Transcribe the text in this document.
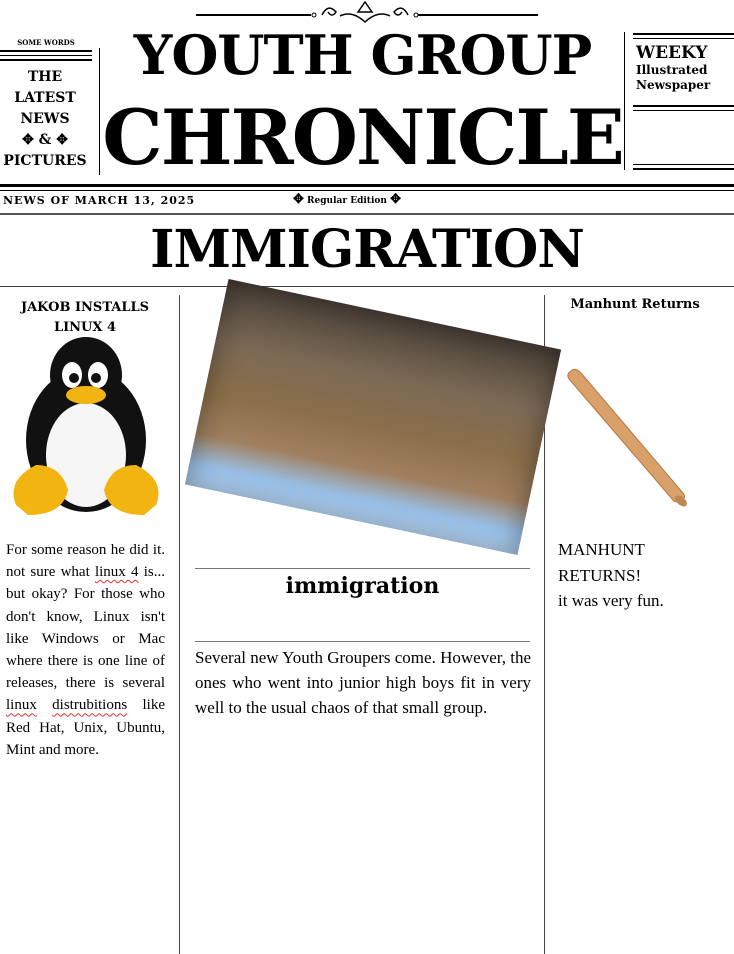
SOME WORDS
THE
LATEST
NEWS
✥ & ✥
PICTURES
YOUTH GROUP
CHRONICLE
WEEKY
Illustrated
Newspaper
NEWS OF MARCH 13, 2025	✥ Regular Edition ✥
IMMIGRATION
JAKOB INSTALLS
LINUX 4
For some reason he did it. not sure what linux 4 is... but okay? For those who don't know, Linux isn't like Windows or Mac where there is one line of releases, there is several linux distrubitions like Red Hat, Unix, Ubuntu, Mint and more.
immigration
Several new Youth Groupers come. However, the ones who went into junior high boys fit in very well to the usual chaos of that small group.
Manhunt Returns
MANHUNT
RETURNS!
it was very fun.
